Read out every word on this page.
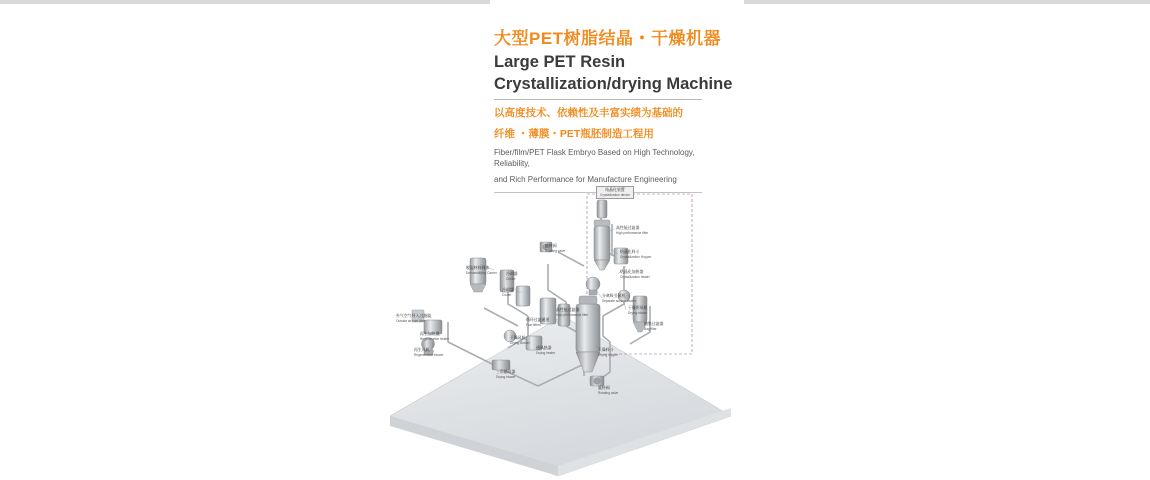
大型PET树脂结晶・干燥机器
Large PET Resin
Crystallization/drying Machine
以高度技术、依赖性及丰富实绩为基础的
纤维 ・薄膜・PET瓶胚制造工程用
Fiber/film/PET Flask Embryo Based on High Technology, Reliability,
and Rich Performance for Manufacture Engineering
结晶化装置
Crystallization device
高性能过滤器
High performance filter
结晶化料斗
Crystallization Hopper
结晶化加热器
Crystallization heater
旋转阀
Rotating valve
脱湿材料载体
Dehumidifying Carrier 冷却器
Cooler
冷却器
Cooler	分离吸引风机
Separate suction blower
干燥用风机
Drying blower
高性能过滤器
High performance filter
外气空气导入过滤器
Outside air inlet filter
再生加热器
Regeneration heater
捕集过滤器
Bag filter
循环过滤通道
Flue filters
干燥风机
Drying Blower
再生风机
Regeneration blower
通风热器
Drying heater
干燥料斗
Drying hopper
三角输送器
Drying blower
旋转阀
Rotating valve
